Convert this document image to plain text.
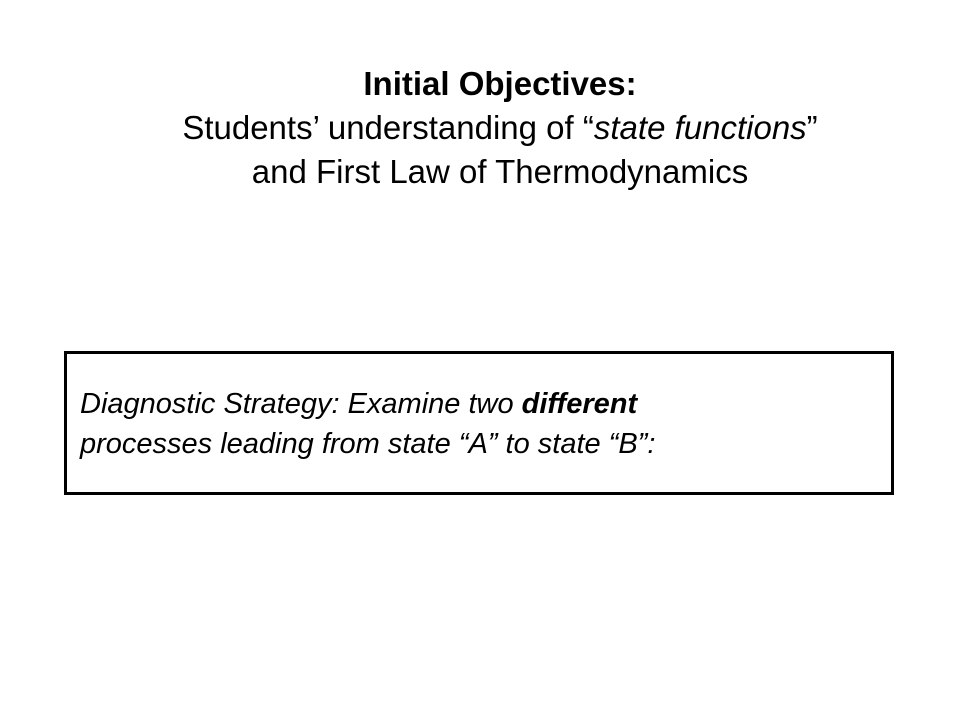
Initial Objectives:
Students’ understanding of “state functions”
and First Law of Thermodynamics
Diagnostic Strategy: Examine two different
processes leading from state “A” to state “B”:
